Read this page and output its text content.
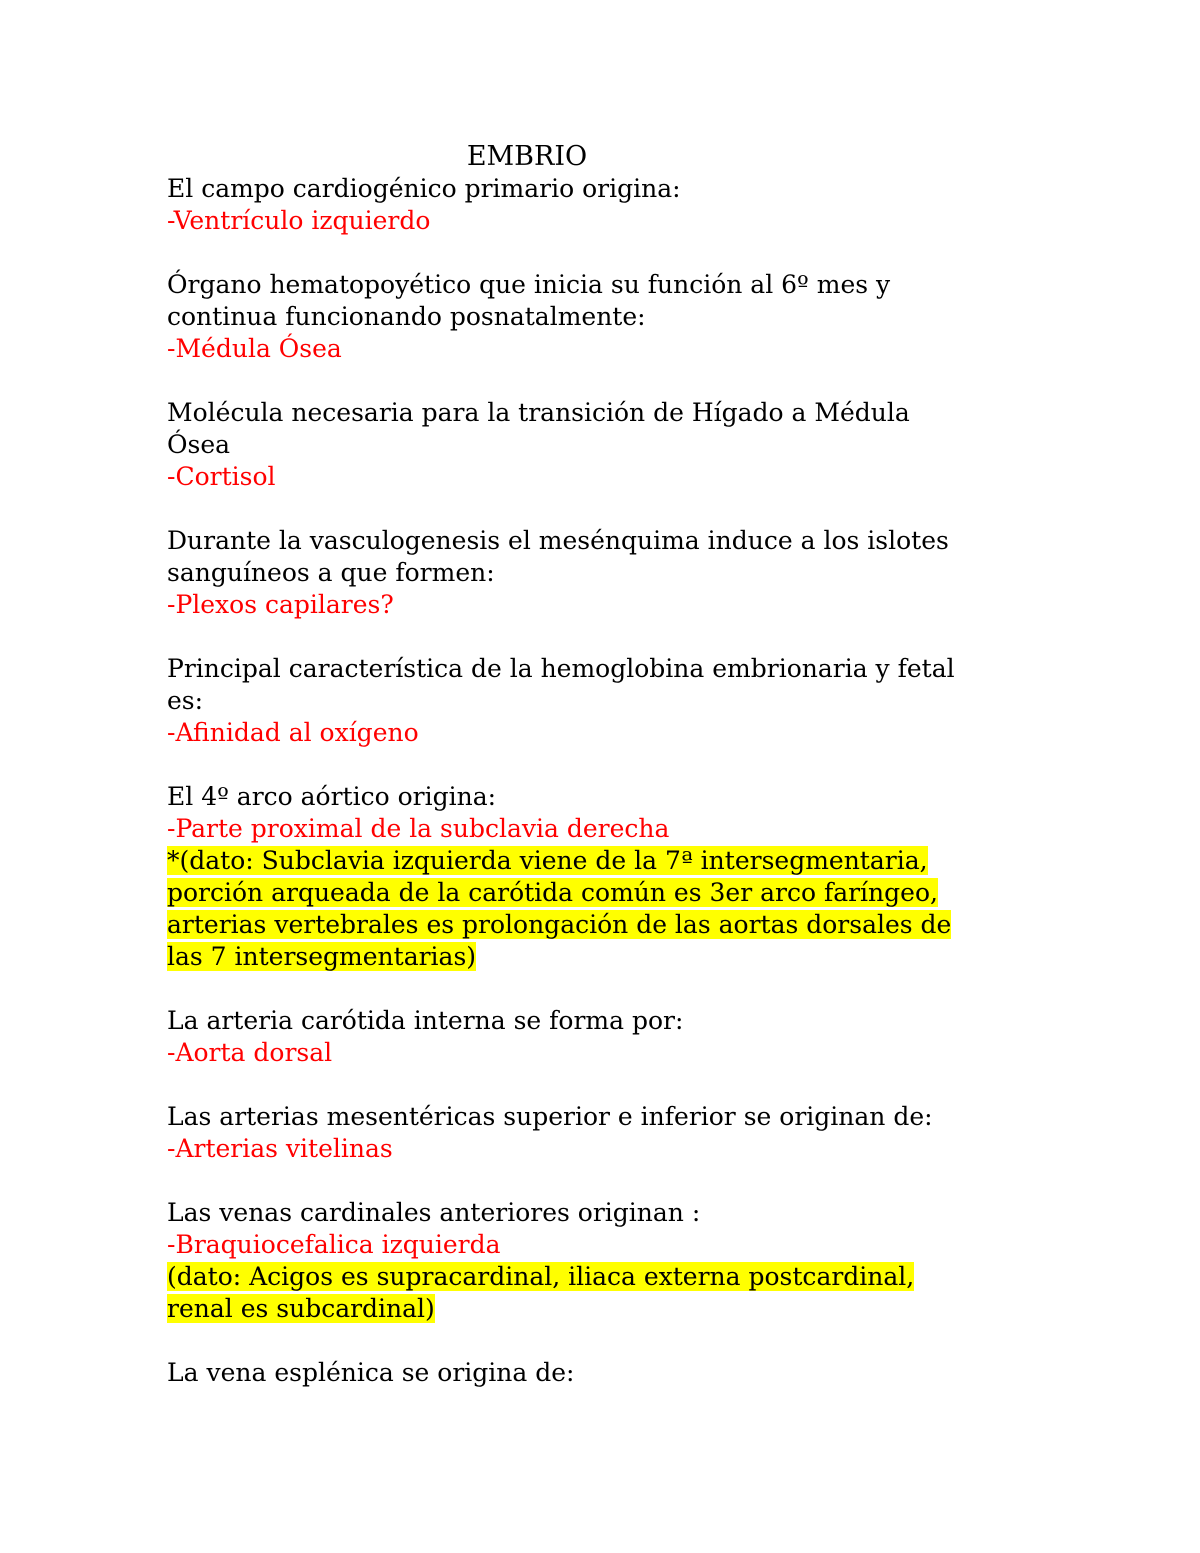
EMBRIO
El campo cardiogénico primario origina:
-Ventrículo izquierdo
Órgano hematopoyético que inicia su función al 6º mes y
continua funcionando posnatalmente:
-Médula Ósea
Molécula necesaria para la transición de Hígado a Médula
Ósea
-Cortisol
Durante la vasculogenesis el mesénquima induce a los islotes
sanguíneos a que formen:
-Plexos capilares?
Principal característica de la hemoglobina embrionaria y fetal
es:
-Afinidad al oxígeno
El 4º arco aórtico origina:
-Parte proximal de la subclavia derecha
*(dato: Subclavia izquierda viene de la 7ª intersegmentaria,
porción arqueada de la carótida común es 3er arco faríngeo,
arterias vertebrales es prolongación de las aortas dorsales de
las 7 intersegmentarias)
La arteria carótida interna se forma por:
-Aorta dorsal
Las arterias mesentéricas superior e inferior se originan de:
-Arterias vitelinas
Las venas cardinales anteriores originan :
-Braquiocefalica izquierda
(dato: Acigos es supracardinal, iliaca externa postcardinal,
renal es subcardinal)
La vena esplénica se origina de:
